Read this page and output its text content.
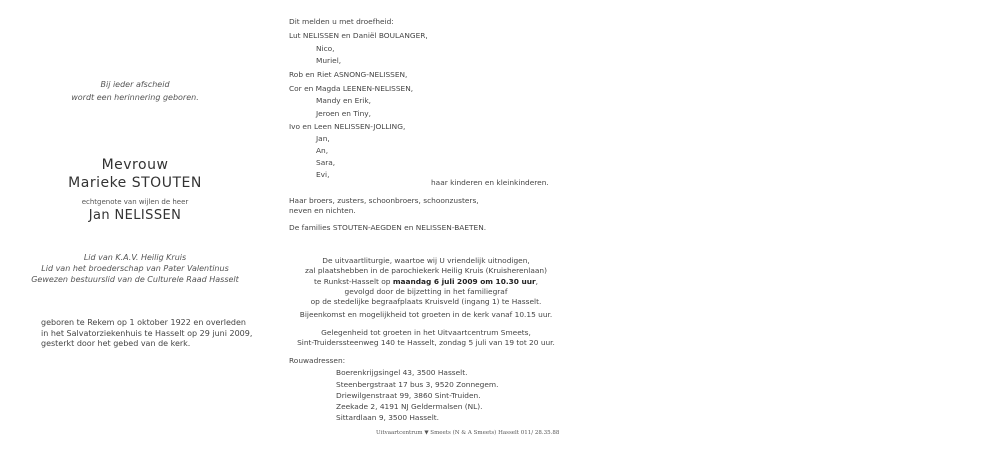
Bij ieder afscheid
wordt een herinnering geboren.
Mevrouw
Marieke STOUTEN
echtgenote van wijlen de heer
Jan NELISSEN
Lid van K.A.V. Heilig Kruis
Lid van het broederschap van Pater Valentinus
Gewezen bestuurslid van de Culturele Raad Hasselt
geboren te Rekem op 1 oktober 1922 en overleden
in het Salvatorziekenhuis te Hasselt op 29 juni 2009,
gesterkt door het gebed van de kerk.
Dit melden u met droefheid:
Lut NELISSEN en Daniël BOULANGER,
Nico,
Muriel,
Rob en Riet ASNONG-NELISSEN,
Cor en Magda LEENEN-NELISSEN,
Mandy en Erik,
Jeroen en Tiny,
Ivo en Leen NELISSEN-JOLLING,
Jan,
An,
Sara,
Evi,
haar kinderen en kleinkinderen.
Haar broers, zusters, schoonbroers, schoonzusters,
neven en nichten.
De families STOUTEN-AEGDEN en NELISSEN-BAETEN.
De uitvaartliturgie, waartoe wij U vriendelijk uitnodigen,
zal plaatshebben in de parochiekerk Heilig Kruis (Kruisherenlaan)
te Runkst-Hasselt op maandag 6 juli 2009 om 10.30 uur,
gevolgd door de bijzetting in het familiegraf
op de stedelijke begraafplaats Kruisveld (ingang 1) te Hasselt.
Bijeenkomst en mogelijkheid tot groeten in de kerk vanaf 10.15 uur.
Gelegenheid tot groeten in het Uitvaartcentrum Smeets,
Sint-Truiderssteenweg 140 te Hasselt, zondag 5 juli van 19 tot 20 uur.
Rouwadressen:
Boerenkrijgsingel 43, 3500 Hasselt.
Steenbergstraat 17 bus 3, 9520 Zonnegem.
Driewilgenstraat 99, 3860 Sint-Truiden.
Zeekade 2, 4191 NJ Geldermalsen (NL).
Sittardlaan 9, 3500 Hasselt.
Uitvaartcentrum ▼ Smeets (N & A Smeets) Hasselt 011/ 28.35.88
